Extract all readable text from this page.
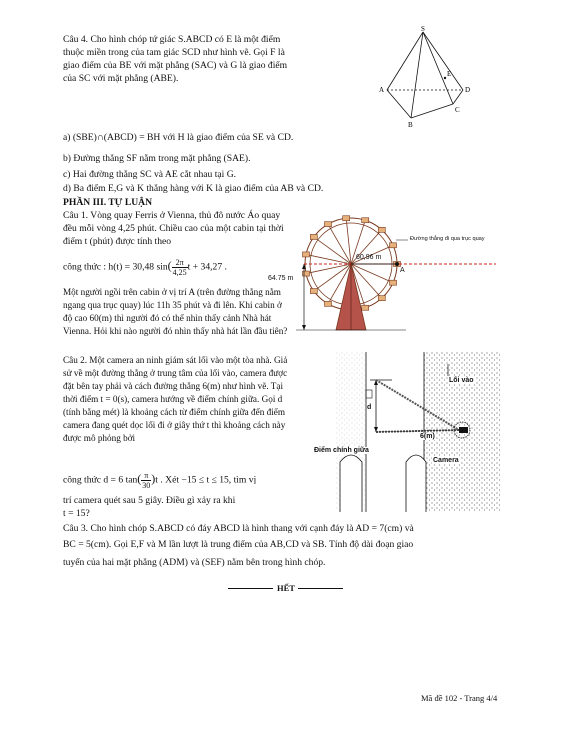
Câu 4. Cho hình chóp tứ giác S.ABCD có E là một điểm
thuộc miền trong của tam giác SCD như hình vẽ. Gọi F là
giao điểm của BE với mặt phẳng (SAC) và G là giao điểm
của SC với mặt phẳng (ABE).
S
A
B
C
D
E
a) (SBE)∩(ABCD) = BH với H là giao điểm của SE và CD.
b) Đường thẳng SF nằm trong mặt phẳng (SAE).
c) Hai đường thẳng SC và AE cắt nhau tại G.
d) Ba điểm E,G và K thẳng hàng với K là giao điểm của AB và CD.
PHẦN III. TỰ LUẬN
Câu 1. Vòng quay Ferris ở Vienna, thủ đô nước Áo quay đều mỗi vòng 4,25 phút. Chiều cao của một cabin tại thời điểm t (phút) được tính theo
công thức : h(t) = 30,48 $\sin( \frac{2\pi}{4,25}$ t + 34,27 .
Một người ngồi trên cabin ở vị trí A (trên đường thẳng nằm ngang qua trục quay) lúc 11h 35 phút và đi lên. Khi cabin ở độ cao 60(m) thì người đó có thể nhìn thấy cảnh Nhà hát Vienna. Hỏi khi nào người đó nhìn thấy nhà hát lần đầu tiên?
Đường thẳng đi qua trục quay
60,96 m
64.75 m
A
Câu 2. Một camera an ninh giám sát lối vào một tòa nhà. Giả sử về một đường thẳng ở trung tâm của lối vào, camera được đặt bên tay phải và cách đường thẳng 6(m) như hình vẽ. Tại thời điểm t = 0(s), camera hướng về điểm chính giữa. Gọi d (tính bằng mét) là khoảng cách từ điểm chính giữa đến điểm camera đang quét dọc lối đi ở giây thứ t thì khoảng cách này được mô phỏng bởi
công thức d = 6 $\tan( \frac{\pi}{30} )t$ . Xét −15 ≤ t ≤ 15, tìm vị
trí camera quét sau 5 giây. Điều gì xảy ra khi
t = 15?
Lối vào
d
6(m)
Điểm chính giữa
Camera
Câu 3. Cho hình chóp S.ABCD có đáy ABCD là hình thang với cạnh đáy là AD = 7(cm) và
BC = 5(cm). Gọi E,F và M lần lượt là trung điểm của AB,CD và SB. Tính độ dài đoạn giao
tuyến của hai mặt phẳng (ADM) và (SEF) nằm bên trong hình chóp.
HẾT
Mã đề 102 - Trang 4/4
